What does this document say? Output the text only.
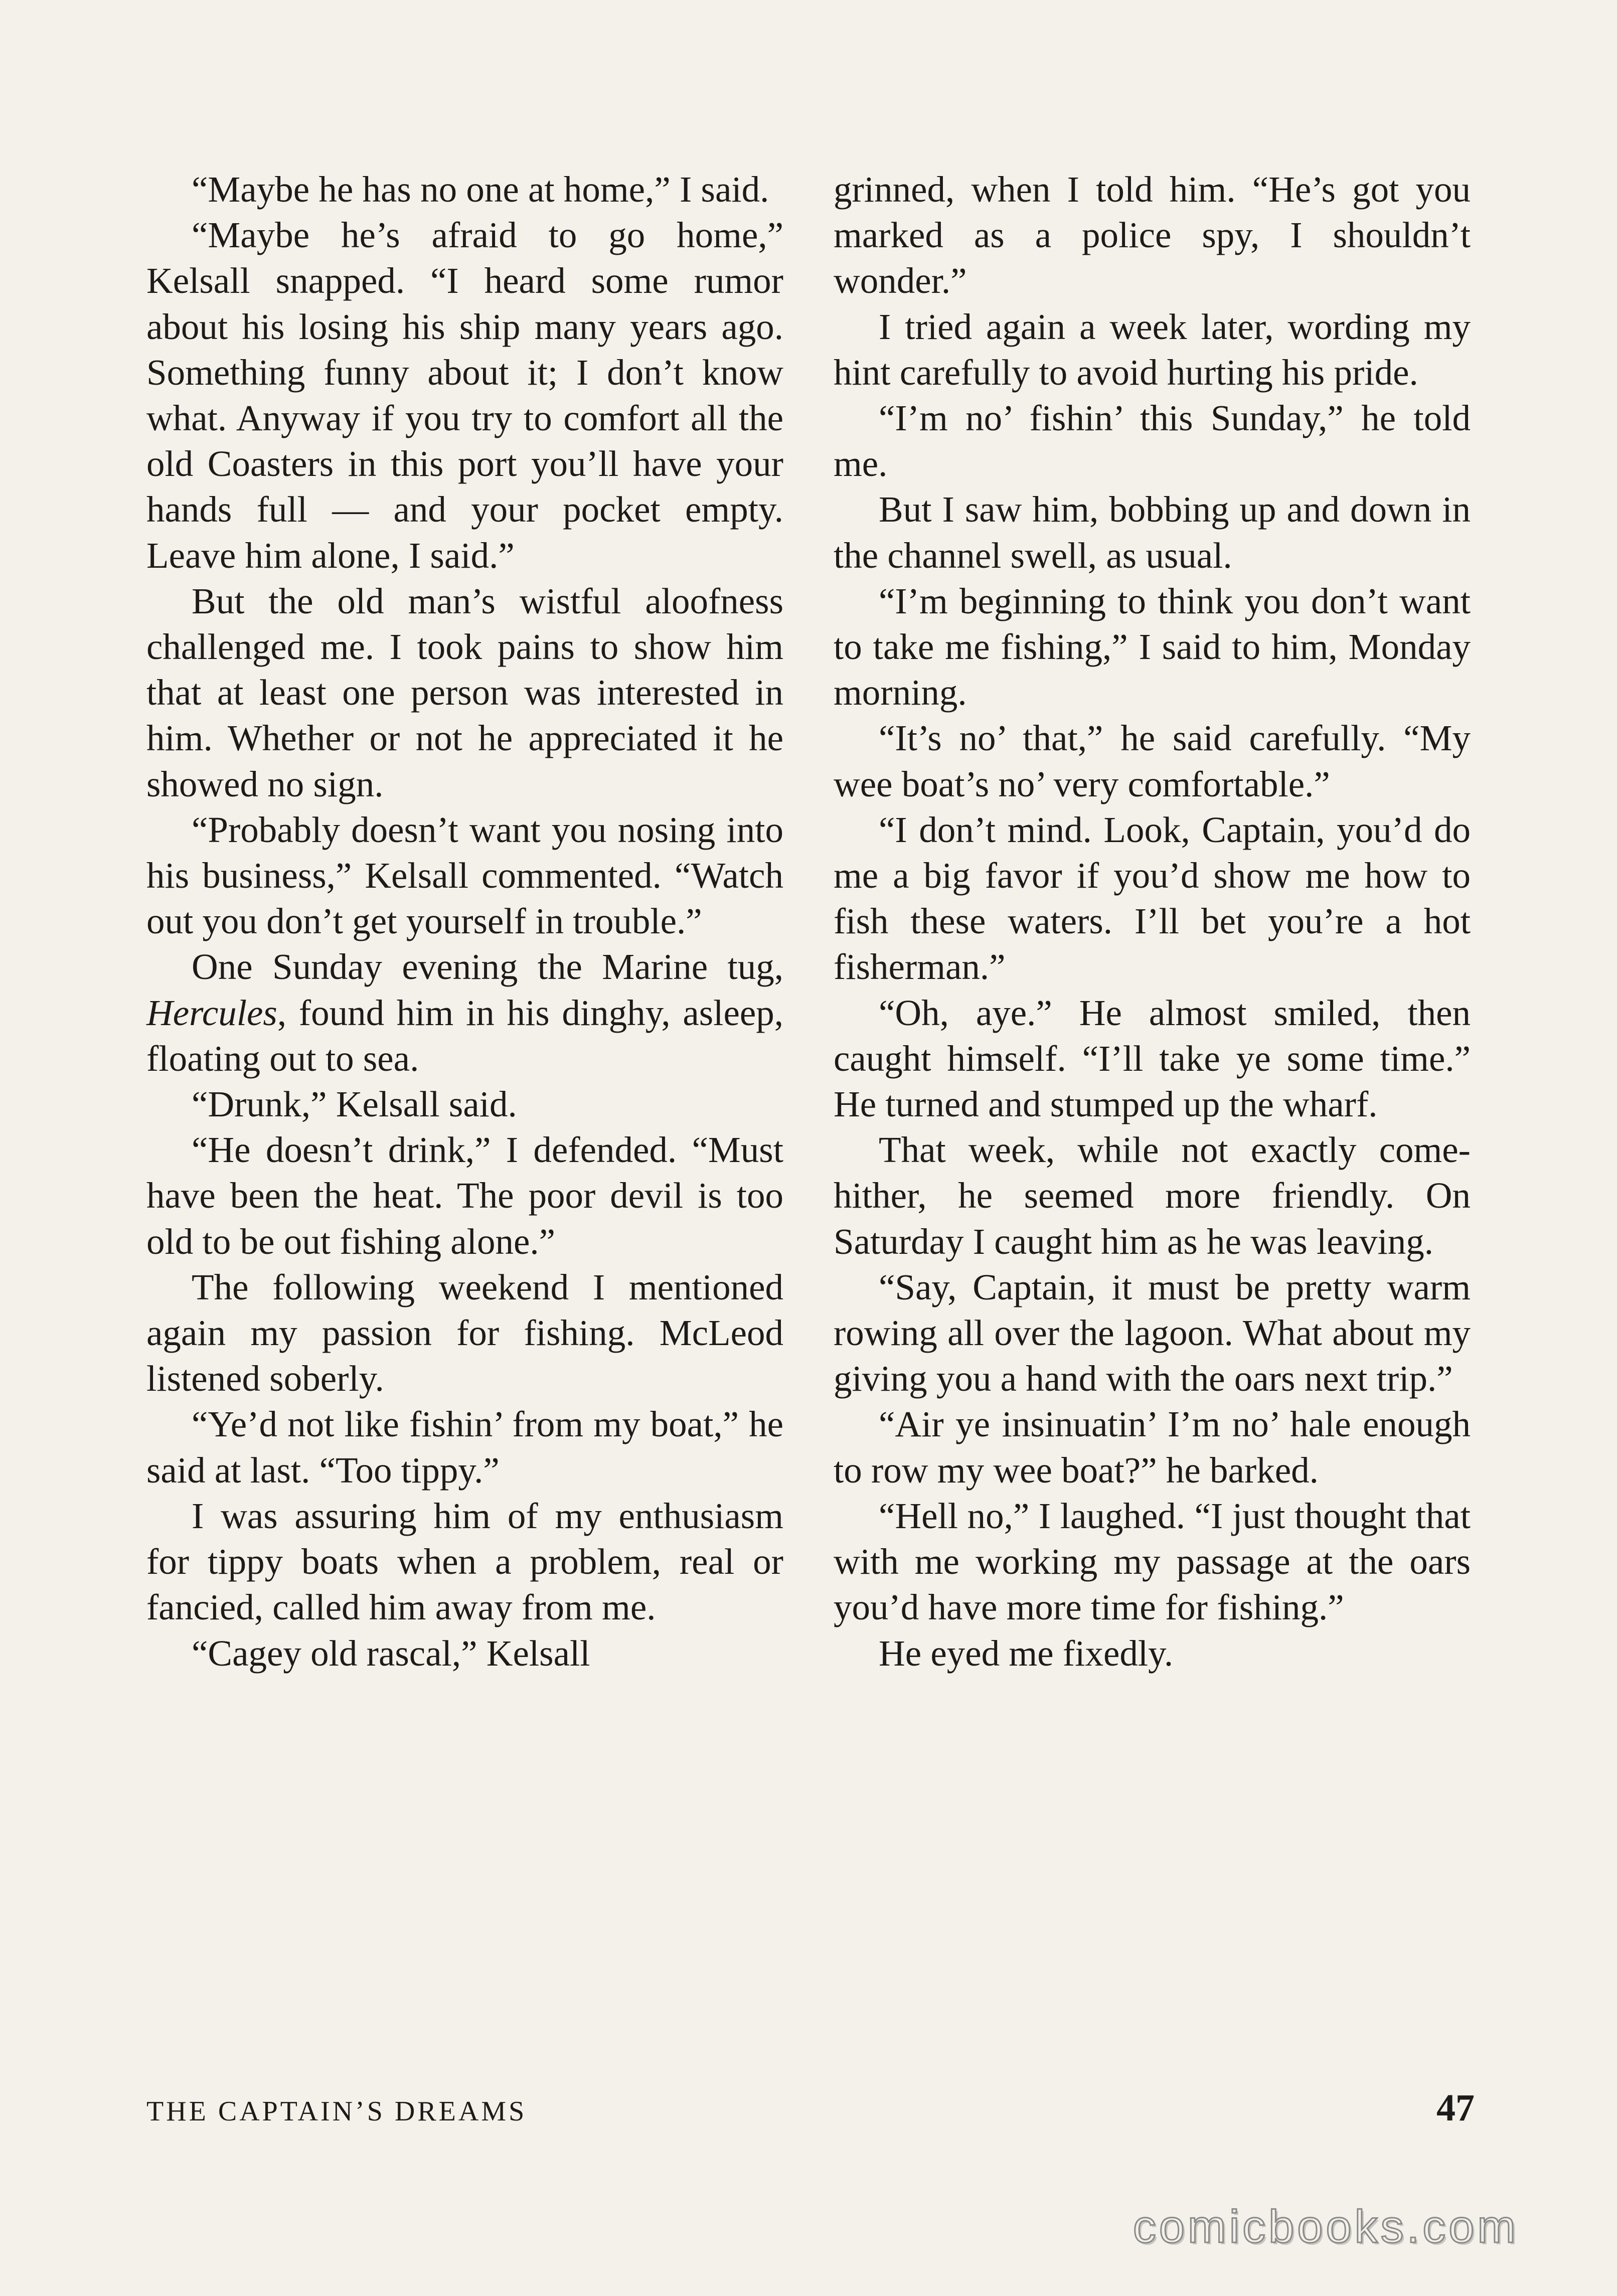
“Maybe he has no one at home,” I said.

“Maybe he’s afraid to go home,” Kelsall snapped. “I heard some rumor about his losing his ship many years ago. Something funny about it; I don’t know what. Anyway if you try to comfort all the old Coasters in this port you’ll have your hands full — and your pocket empty. Leave him alone, I said.”

But the old man’s wistful aloofness challenged me. I took pains to show him that at least one person was interested in him. Whether or not he appreciated it he showed no sign.

“Probably doesn’t want you nosing into his business,” Kelsall commented. “Watch out you don’t get yourself in trouble.”

One Sunday evening the Marine tug, Hercules, found him in his dinghy, asleep, floating out to sea.

“Drunk,” Kelsall said.

“He doesn’t drink,” I defended. “Must have been the heat. The poor devil is too old to be out fishing alone.”

The following weekend I mentioned again my passion for fishing. McLeod listened soberly.

“Ye’d not like fishin’ from my boat,” he said at last. “Too tippy.”

I was assuring him of my enthusiasm for tippy boats when a problem, real or fancied, called him away from me.

“Cagey old rascal,” Kelsall

grinned, when I told him. “He’s got you marked as a police spy, I shouldn’t wonder.”

I tried again a week later, wording my hint carefully to avoid hurting his pride.

“I’m no’ fishin’ this Sunday,” he told me.

But I saw him, bobbing up and down in the channel swell, as usual.

“I’m beginning to think you don’t want to take me fishing,” I said to him, Monday morning.

“It’s no’ that,” he said carefully. “My wee boat’s no’ very comfortable.”

“I don’t mind. Look, Captain, you’d do me a big favor if you’d show me how to fish these waters. I’ll bet you’re a hot fisherman.”

“Oh, aye.” He almost smiled, then caught himself. “I’ll take ye some time.” He turned and stumped up the wharf.

That week, while not exactly come-hither, he seemed more friendly. On Saturday I caught him as he was leaving.

“Say, Captain, it must be pretty warm rowing all over the lagoon. What about my giving you a hand with the oars next trip.”

“Air ye insinuatin’ I’m no’ hale enough to row my wee boat?” he barked.

“Hell no,” I laughed. “I just thought that with me working my passage at the oars you’d have more time for fishing.”

He eyed me fixedly.

THE CAPTAIN’S DREAMS	47
comicbooks.com
